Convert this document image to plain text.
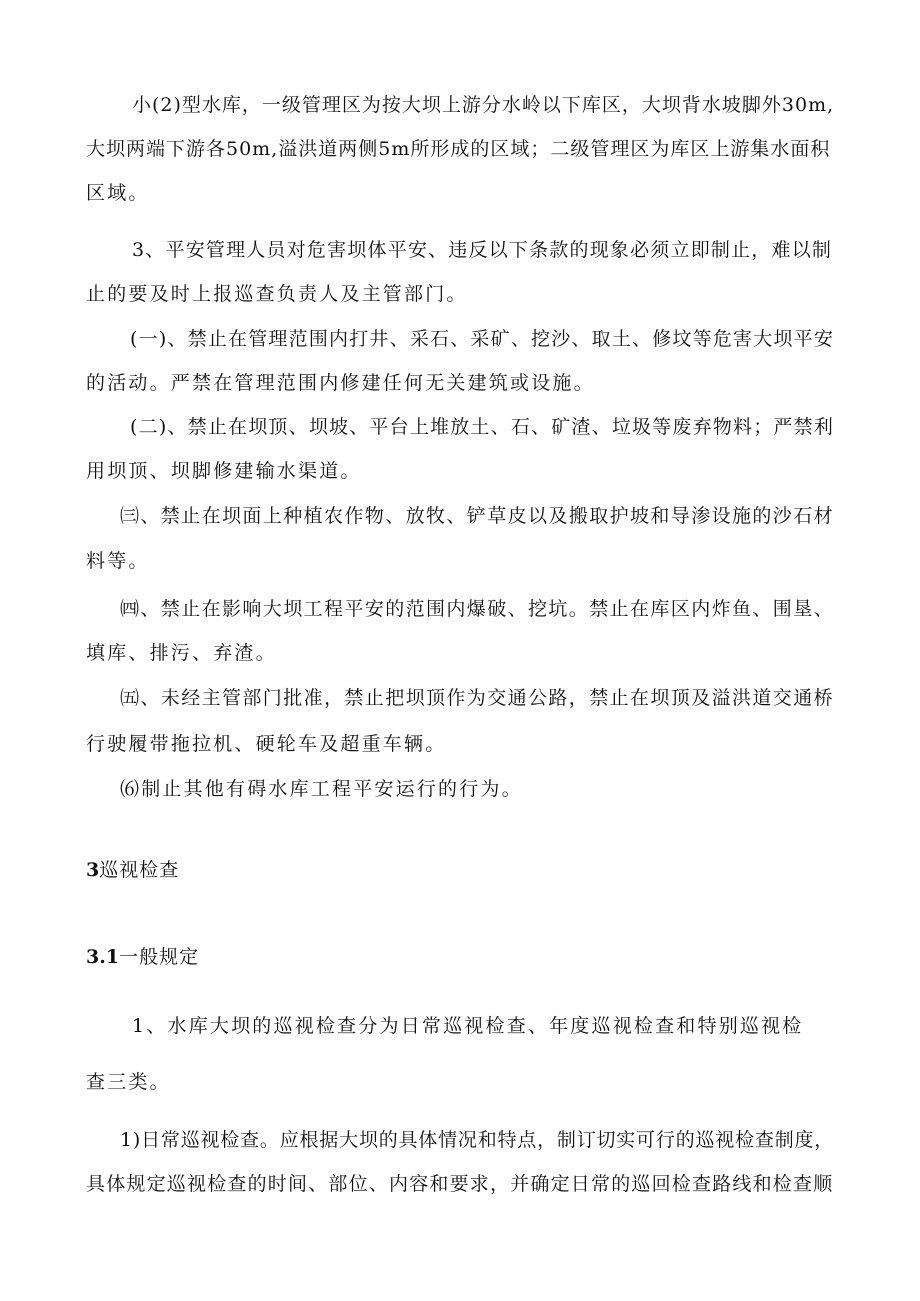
小(2)型水库，一级管理区为按大坝上游分水岭以下库区，大坝背水坡脚外30m,
大坝两端下游各50m,溢洪道两侧5m所形成的区域；二级管理区为库区上游集水面积
区域。
3、平安管理人员对危害坝体平安、违反以下条款的现象必须立即制止，难以制
止的要及时上报巡查负责人及主管部门。
(一)、禁止在管理范围内打井、采石、采矿、挖沙、取土、修坟等危害大坝平安
的活动。严禁在管理范围内修建任何无关建筑或设施。
(二)、禁止在坝顶、坝坡、平台上堆放土、石、矿渣、垃圾等废弃物料；严禁利
用坝顶、坝脚修建输水渠道。
㈢、禁止在坝面上种植农作物、放牧、铲草皮以及搬取护坡和导渗设施的沙石材
料等。
㈣、禁止在影响大坝工程平安的范围内爆破、挖坑。禁止在库区内炸鱼、围垦、
填库、排污、弃渣。
㈤、未经主管部门批准，禁止把坝顶作为交通公路，禁止在坝顶及溢洪道交通桥
行驶履带拖拉机、硬轮车及超重车辆。
⑹制止其他有碍水库工程平安运行的行为。
3巡视检查
3.1一般规定
1、水库大坝的巡视检查分为日常巡视检查、年度巡视检查和特别巡视检
查三类。
1)日常巡视检查。应根据大坝的具体情况和特点，制订切实可行的巡视检查制度，
具体规定巡视检查的时间、部位、内容和要求，并确定日常的巡回检查路线和检查顺
